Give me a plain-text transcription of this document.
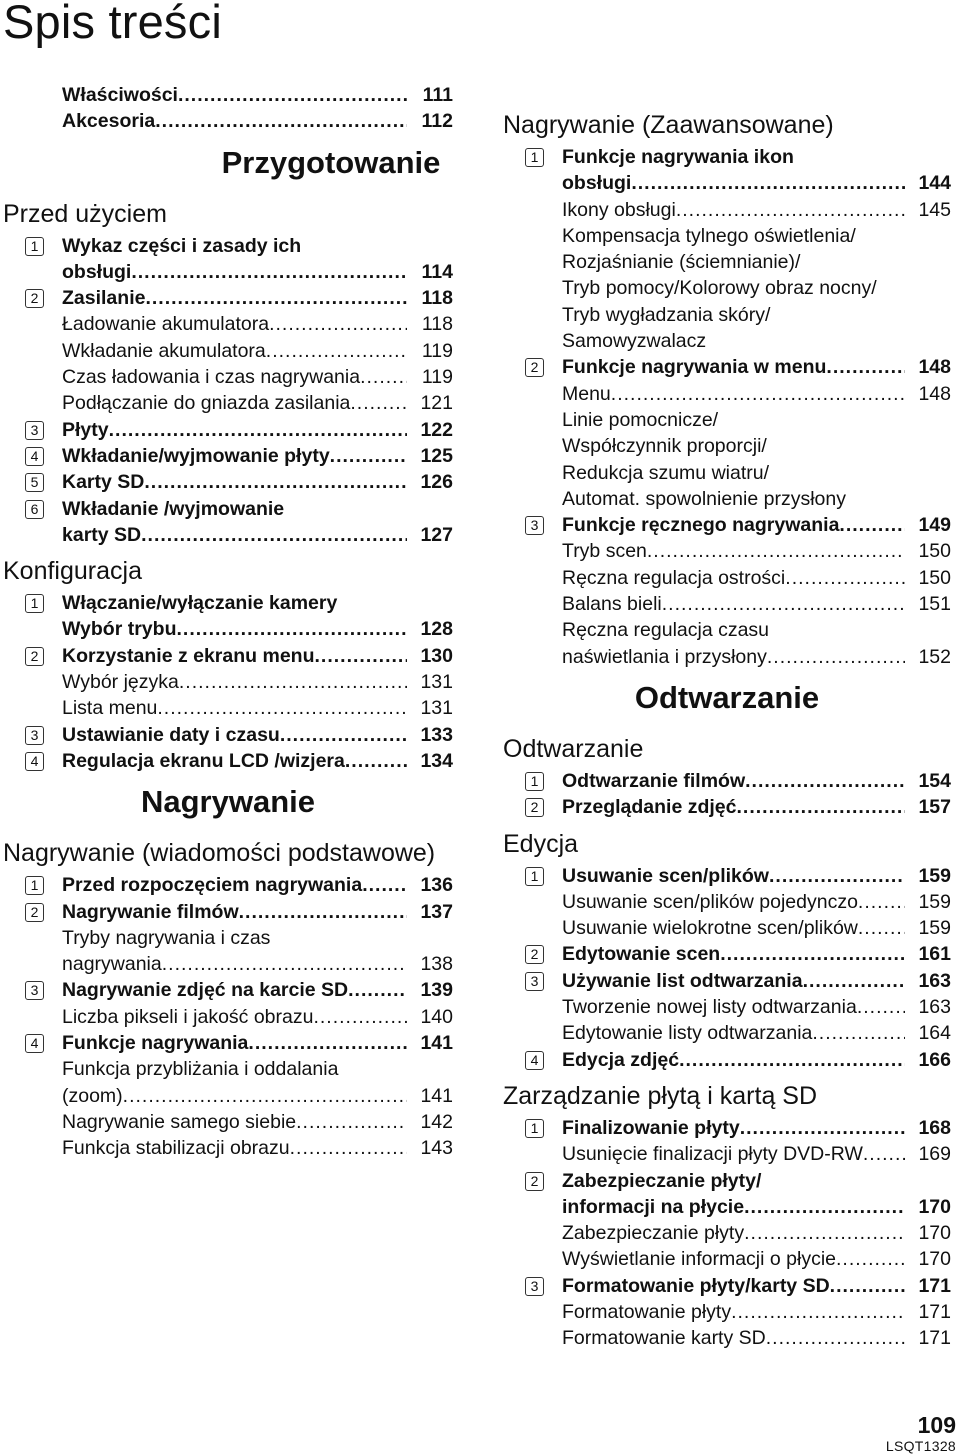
Spis treści
Właściwości .....	111
Akcesoria .....	112
Przygotowanie
Przed użyciem
1 Wykaz części i zasady ich
obsługi .....	114
2 Zasilanie .....	118
Ładowanie akumulatora .....	118
Wkładanie akumulatora .....	119
Czas ładowania i czas nagrywania .....	119
Podłączanie do gniazda zasilania .....	121
3 Płyty .....	122
4 Wkładanie/wyjmowanie płyty .....	125
5 Karty SD .....	126
6 Wkładanie /wyjmowanie
karty SD .....	127
Konfiguracja
1 Włączanie/wyłączanie kamery
Wybór trybu .....	128
2 Korzystanie z ekranu menu .....	130
Wybór języka .....	131
Lista menu .....	131
3 Ustawianie daty i czasu .....	133
4 Regulacja ekranu LCD /wizjera .....	134
Nagrywanie
Nagrywanie (wiadomości podstawowe)
1 Przed rozpoczęciem nagrywania .....	136
2 Nagrywanie filmów .....	137
Tryby nagrywania i czas
nagrywania .....	138
3 Nagrywanie zdjęć na karcie SD .....	139
Liczba pikseli i jakość obrazu .....	140
4 Funkcje nagrywania .....	141
Funkcja przybliżania i oddalania
(zoom) .....	141
Nagrywanie samego siebie .....	142
Funkcja stabilizacji obrazu .....	143
Nagrywanie (Zaawansowane)
1 Funkcje nagrywania ikon
obsługi .....	144
Ikony obsługi .....	145
Kompensacja tylnego oświetlenia/
Rozjaśnianie (ściemnianie)/
Tryb pomocy/Kolorowy obraz nocny/
Tryb wygładzania skóry/
Samowyzwalacz
2 Funkcje nagrywania w menu .....	148
Menu .....	148
Linie pomocnicze/
Współczynnik proporcji/
Redukcja szumu wiatru/
Automat. spowolnienie przysłony
3 Funkcje ręcznego nagrywania .....	149
Tryb scen .....	150
Ręczna regulacja ostrości .....	150
Balans bieli .....	151
Ręczna regulacja czasu
naświetlania i przysłony .....	152
Odtwarzanie
Odtwarzanie
1 Odtwarzanie filmów .....	154
2 Przeglądanie zdjęć .....	157
Edycja
1 Usuwanie scen/plików .....	159
Usuwanie scen/plików pojedynczo .....	159
Usuwanie wielokrotne scen/plików .....	159
2 Edytowanie scen .....	161
3 Używanie list odtwarzania .....	163
Tworzenie nowej listy odtwarzania .....	163
Edytowanie listy odtwarzania .....	164
4 Edycja zdjęć .....	166
Zarządzanie płytą i kartą SD
1 Finalizowanie płyty .....	168
Usunięcie finalizacji płyty DVD-RW .....	169
2 Zabezpieczanie płyty/
informacji na płycie .....	170
Zabezpieczanie płyty .....	170
Wyświetlanie informacji o płycie .....	170
3 Formatowanie płyty/karty SD .....	171
Formatowanie płyty .....	171
Formatowanie karty SD .....	171
109
LSQT1328
